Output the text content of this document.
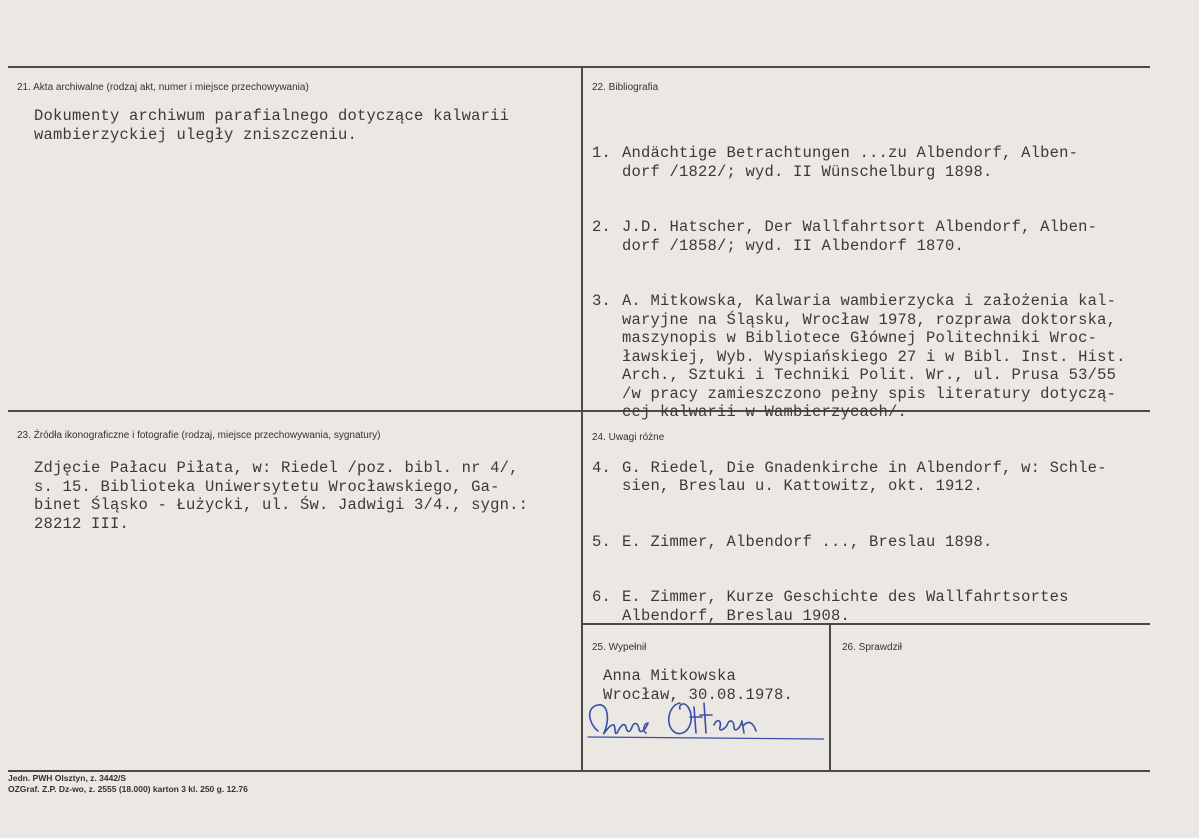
21. Akta archiwalne (rodzaj akt, numer i miejsce przechowywania)
Dokumenty archiwum parafialnego dotyczące kalwarii
wambierzyckiej uległy zniszczeniu.
22. Bibliografia

1. Andächtige Betrachtungen ...zu Albendorf, Alben-
dorf /1822/; wyd. II Wünschelburg 1898.

2. J.D. Hatscher, Der Wallfahrtsort Albendorf, Alben-
dorf /1858/; wyd. II Albendorf 1870.

3. A. Mitkowska, Kalwaria wambierzycka i założenia kal-
waryjne na Śląsku, Wrocław 1978, rozprawa doktorska,
maszynopis w Bibliotece Głównej Politechniki Wroc-
ławskiej, Wyb. Wyspiańskiego 27 i w Bibl. Inst. Hist.
Arch., Sztuki i Techniki Polit. Wr., ul. Prusa 53/55
/w pracy zamieszczono pełny spis literatury dotyczą-
cej kalwarii w Wambierzycach/.

4. G. Riedel, Die Gnadenkirche in Albendorf, w: Schle-
sien, Breslau u. Kattowitz, okt. 1912.

5. E. Zimmer, Albendorf ..., Breslau 1898.

6. E. Zimmer, Kurze Geschichte des Wallfahrtsortes
Albendorf, Breslau 1908.

23. Źródła ikonograficzne i fotografie (rodzaj, miejsce przechowywania, sygnatury)
Zdjęcie Pałacu Piłata, w: Riedel /poz. bibl. nr 4/,
s. 15. Biblioteka Uniwersytetu Wrocławskiego, Ga-
binet Śląsko - Łużycki, ul. Św. Jadwigi 3/4., sygn.:
28212 III.
24. Uwagi różne
25. Wypełnił
Anna Mitkowska
Wrocław, 30.08.1978.
26. Sprawdził
Jedn. PWH Olsztyn, z. 3442/S
OZGraf. Z.P. Dz-wo, z. 2555 (18.000) karton 3 kl. 250 g. 12.76
